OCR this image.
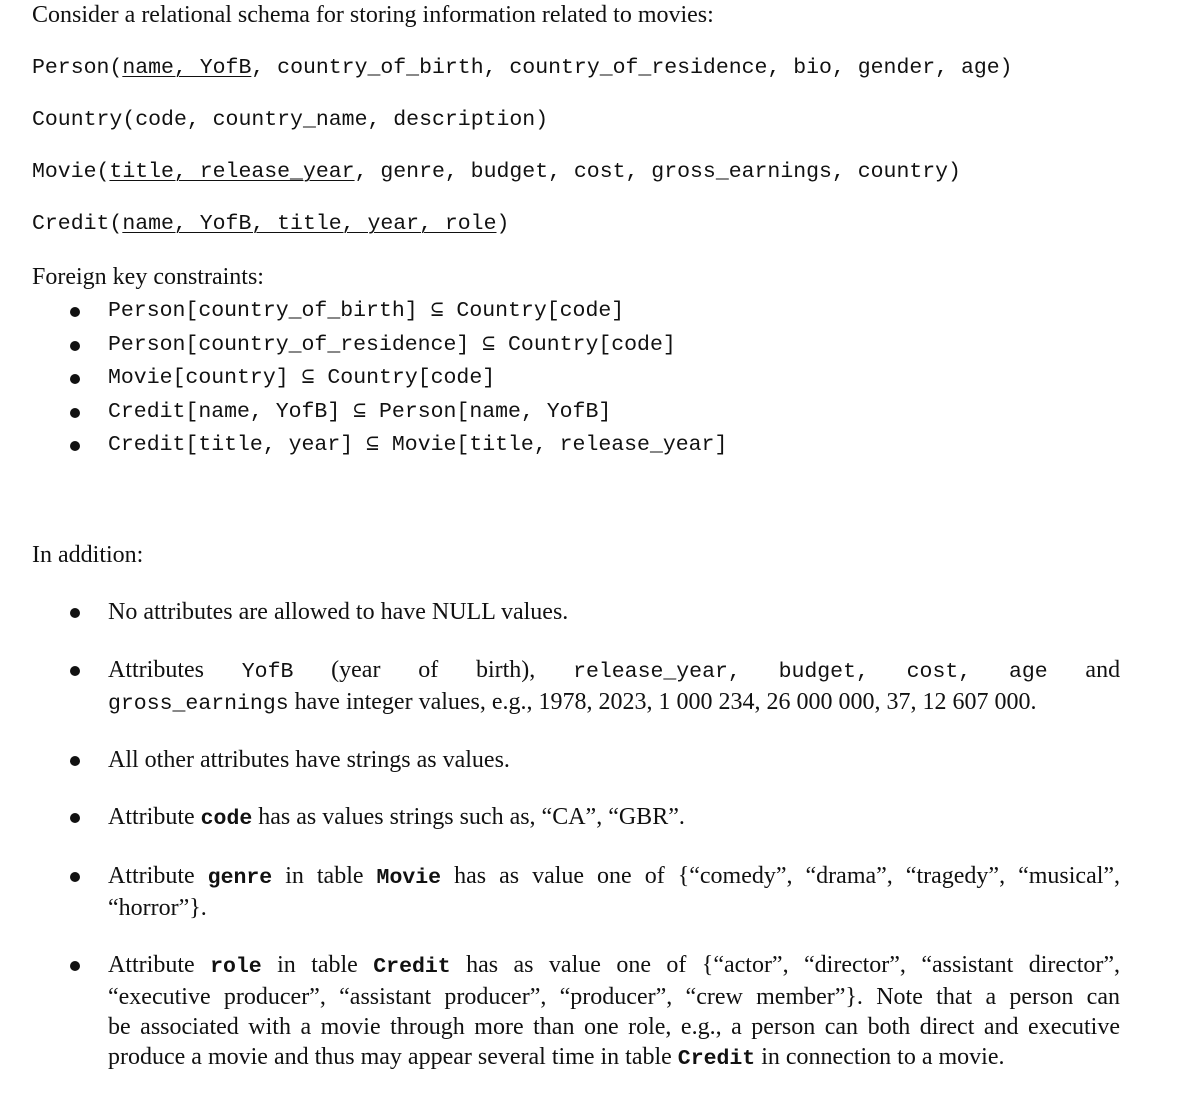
Consider a relational schema for storing information related to movies:
Person(name, YofB, country_of_birth, country_of_residence, bio, gender, age)
Country(code, country_name, description)
Movie(title, release_year, genre, budget, cost, gross_earnings, country)
Credit(name, YofB, title, year, role)
Foreign key constraints:
Person[country_of_birth] ⊆ Country[code]
Person[country_of_residence] ⊆ Country[code]
Movie[country] ⊆ Country[code]
Credit[name, YofB] ⊆ Person[name, YofB]
Credit[title, year] ⊆ Movie[title, release_year]
In addition:
No attributes are allowed to have NULL values.
Attributes YofB (year of birth), release_year, budget, cost, age and
gross_earnings have integer values, e.g., 1978, 2023, 1 000 234, 26 000 000, 37, 12 607 000.
All other attributes have strings as values.
Attribute code has as values strings such as, “CA”, “GBR”.
Attribute genre in table Movie has as value one of {“comedy”, “drama”, “tragedy”, “musical”,
“horror”}.
Attribute role in table Credit has as value one of {“actor”, “director”, “assistant director”,
“executive producer”, “assistant producer”, “producer”, “crew member”}. Note that a person can
be associated with a movie through more than one role, e.g., a person can both direct and executive
produce a movie and thus may appear several time in table Credit in connection to a movie.
